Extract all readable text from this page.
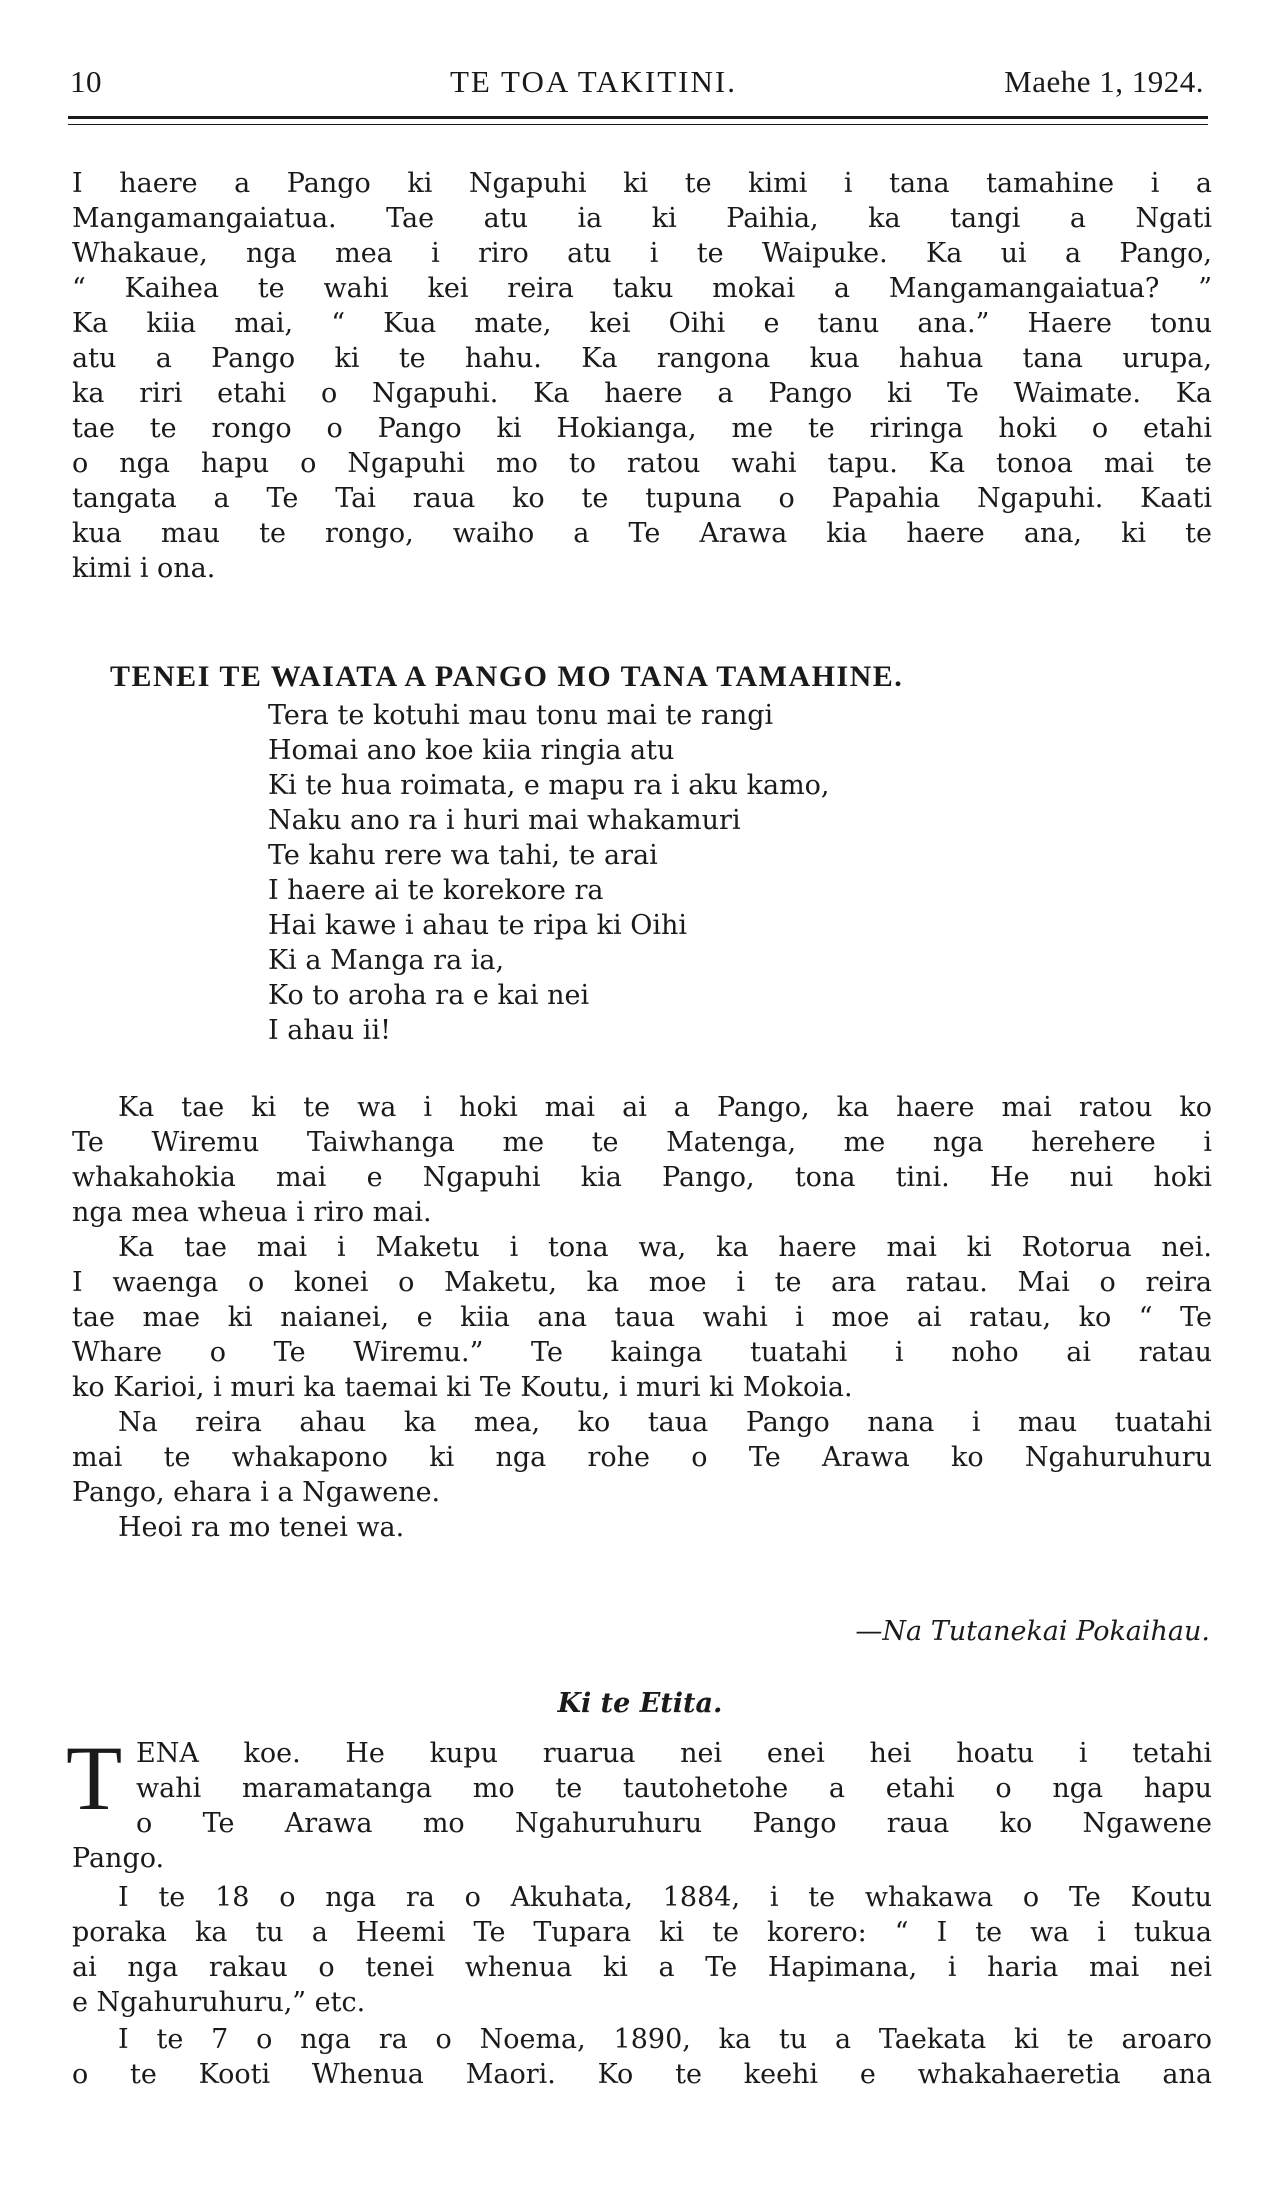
10	TE TOA TAKITINI.	Maehe 1, 1924.
I haere a Pango ki Ngapuhi ki te kimi i tana tamahine i a
Mangamangaiatua. Tae atu ia ki Paihia, ka tangi a Ngati
Whakaue, nga mea i riro atu i te Waipuke. Ka ui a Pango,
“ Kaihea te wahi kei reira taku mokai a Mangamangaiatua? ”
Ka kiia mai, “ Kua mate, kei Oihi e tanu ana.” Haere tonu
atu a Pango ki te hahu. Ka rangona kua hahua tana urupa,
ka riri etahi o Ngapuhi. Ka haere a Pango ki Te Waimate. Ka
tae te rongo o Pango ki Hokianga, me te riringa hoki o etahi
o nga hapu o Ngapuhi mo to ratou wahi tapu. Ka tonoa mai te
tangata a Te Tai raua ko te tupuna o Papahia Ngapuhi. Kaati
kua mau te rongo, waiho a Te Arawa kia haere ana, ki te
kimi i ona.
TENEI TE WAIATA A PANGO MO TANA TAMAHINE.
Tera te kotuhi mau tonu mai te rangi
Homai ano koe kiia ringia atu
Ki te hua roimata, e mapu ra i aku kamo,
Naku ano ra i huri mai whakamuri
Te kahu rere wa tahi, te arai
I haere ai te korekore ra
Hai kawe i ahau te ripa ki Oihi
Ki a Manga ra ia,
Ko to aroha ra e kai nei
I ahau ii!
Ka tae ki te wa i hoki mai ai a Pango, ka haere mai ratou ko
Te Wiremu Taiwhanga me te Matenga, me nga herehere i
whakahokia mai e Ngapuhi kia Pango, tona tini. He nui hoki
nga mea wheua i riro mai.
Ka tae mai i Maketu i tona wa, ka haere mai ki Rotorua nei.
I waenga o konei o Maketu, ka moe i te ara ratau. Mai o reira
tae mae ki naianei, e kiia ana taua wahi i moe ai ratau, ko “ Te
Whare o Te Wiremu.” Te kainga tuatahi i noho ai ratau
ko Karioi, i muri ka taemai ki Te Koutu, i muri ki Mokoia.
Na reira ahau ka mea, ko taua Pango nana i mau tuatahi
mai te whakapono ki nga rohe o Te Arawa ko Ngahuruhuru
Pango, ehara i a Ngawene.
Heoi ra mo tenei wa.
—Na Tutanekai Pokaihau.
Ki te Etita.
T ENA koe. He kupu ruarua nei enei hei hoatu i tetahi
wahi maramatanga mo te tautohetohe a etahi o nga hapu
o Te Arawa mo Ngahuruhuru Pango raua ko Ngawene
Pango.
I te 18 o nga ra o Akuhata, 1884, i te whakawa o Te Koutu
poraka ka tu a Heemi Te Tupara ki te korero: “ I te wa i tukua
ai nga rakau o tenei whenua ki a Te Hapimana, i haria mai nei
e Ngahuruhuru,” etc.
I te 7 o nga ra o Noema, 1890, ka tu a Taekata ki te aroaro
o te Kooti Whenua Maori. Ko te keehi e whakahaeretia ana
